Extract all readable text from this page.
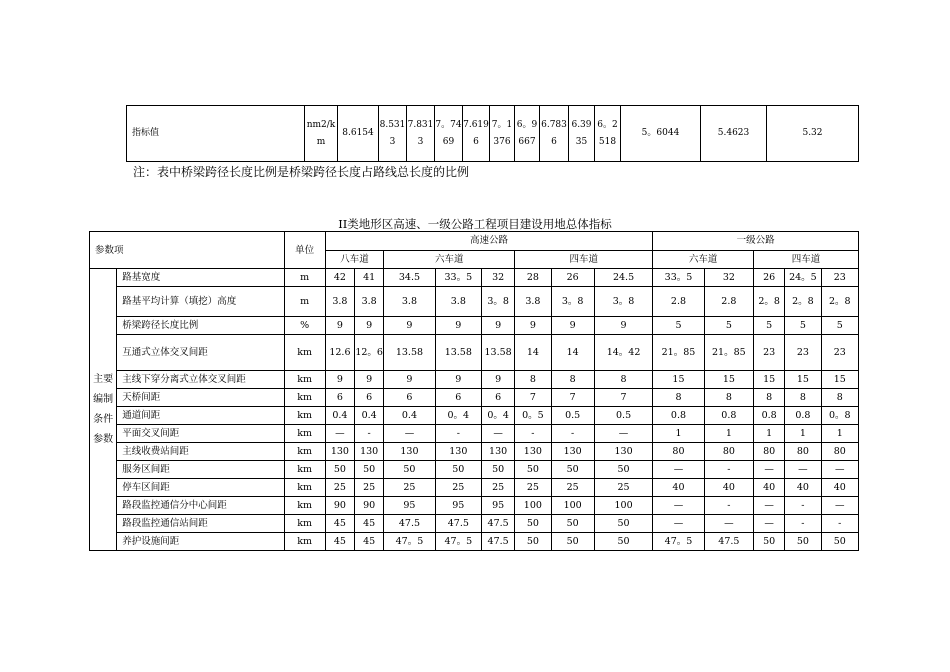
指标值	nm2/km	8.6154	8.5313	7.8313	7。7469	7.6196	7。1376	6。9667	6.7836	6.3935	6。2518	5。6044	5.4623	5.32
注：表中桥梁跨径长度比例是桥梁跨径长度占路线总长度的比例
II类地形区高速、一级公路工程项目建设用地总体指标
参数项		单位	高速公路								一级公路				
			八车道		六车道			四车道			六车道		四车道		
主要编制条件参数	路基宽度	m	42	41	34.5	33。5	32	28	26	24.5	33。5	32	26	24。5	23
	路基平均计算（填挖）高度	m	3.8	3.8	3.8	3.8	3。8	3.8	3。8	3。8	2.8	2.8	2。8	2。8	2。8
	桥梁跨径长度比例	%	9	9	9	9	9	9	9	9	5	5	5	5	5
	互通式立体交叉间距	km	12.6	12。6	13.58	13.58	13.58	14	14	14。42	21。85	21。85	23	23	23
	主线下穿分离式立体交叉间距	km	9	9	9	9	9	8	8	8	15	15	15	15	15
	天桥间距	km	6	6	6	6	6	7	7	7	8	8	8	8	8
	通道间距	km	0.4	0.4	0.4	0。4	0。4	0。5	0.5	0.5	0.8	0.8	0.8	0.8	0。8
	平面交叉间距	km	—	-	—	-	—	-	-	—	1	1	1	1	1
	主线收费站间距	km	130	130	130	130	130	130	130	130	80	80	80	80	80
	服务区间距	km	50	50	50	50	50	50	50	50	—	-	—	—	—
	停车区间距	km	25	25	25	25	25	25	25	25	40	40	40	40	40
	路段监控通信分中心间距	km	90	90	95	95	95	100	100	100	—	-	—	-	—
	路段监控通信站间距	km	45	45	47.5	47.5	47.5	50	50	50	—	—	—	-	-
	养护设施间距	km	45	45	47。5	47。5	47.5	50	50	50	47。5	47.5	50	50	50
